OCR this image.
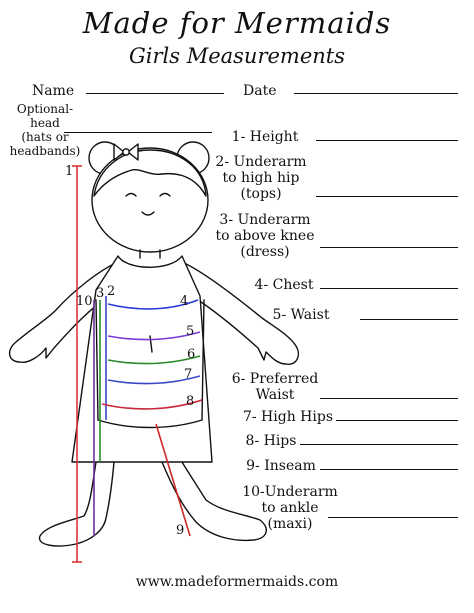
Made for Mermaids
Girls Measurements
Name	Date
Optional-
head
(hats or
headbands)
1- Height
2- Underarm
to high hip
(tops)
3- Underarm
to above knee
(dress)
4- Chest
5- Waist
6- Preferred
Waist
7- High Hips
8- Hips
9- Inseam
10-Underarm
to ankle
(maxi)
1
2
3
4
5
6
7
8
9
10
www.madeformermaids.com
